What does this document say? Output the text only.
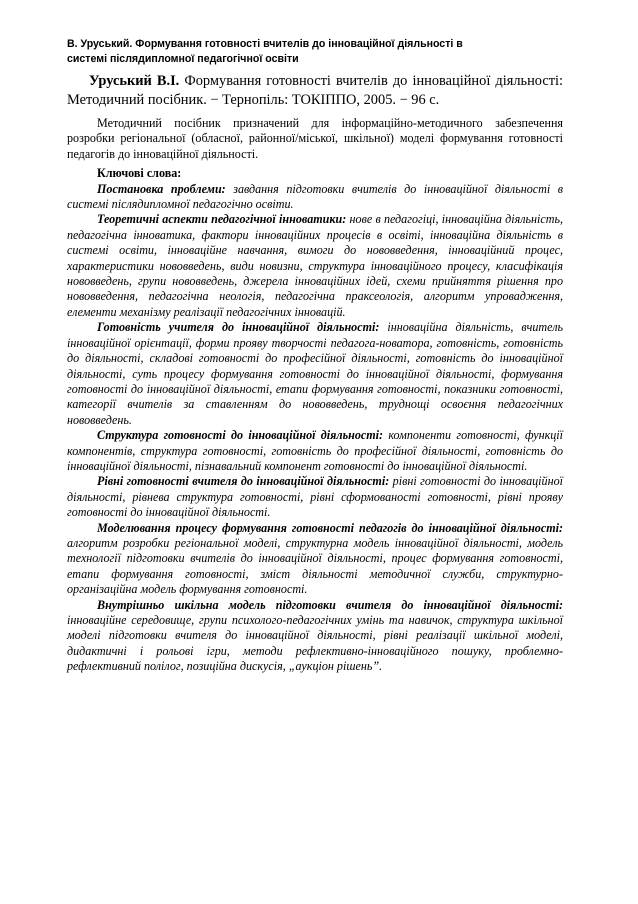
В. Уруський. Формування готовності вчителів до інноваційної діяльності в
системі післядипломної педагогічної освіти

Уруський В.І. Формування готовності вчителів до інноваційної діяльності: Методичний посібник. − Тернопіль: ТОКІППО, 2005. − 96 с.

Методичний посібник призначений для інформаційно-методичного забезпечення розробки регіональної (обласної, районної/міської, шкільної) моделі формування готовності педагогів до інноваційної діяльності.

Ключові слова:

Постановка проблеми: завдання підготовки вчителів до інноваційної діяльності в системі післядипломної педагогічно освіти.

Теоретичні аспекти педагогічної інноватики: нове в педагогіці, інноваційна діяльність, педагогічна інноватика, фактори інноваційних процесів в освіті, інноваційна діяльність в системі освіти, інноваційне навчання, вимоги до нововведення, інноваційний процес, характеристики нововведень, види новизни, структура інноваційного процесу, класифікація нововведень, групи нововведень, джерела інноваційних ідей, схеми прийняття рішення про нововведення, педагогічна неологія, педагогічна праксеологія, алгоритм упровадження, елементи механізму реалізації педагогічних інновацій.

Готовність учителя до інноваційної діяльності: інноваційна діяльність, вчитель інноваційної орієнтації, форми прояву творчості педагога-новатора, готовність, готовність до діяльності, складові готовності до професійної діяльності, готовність до інноваційної діяльності, суть процесу формування готовності до інноваційної діяльності, формування готовності до інноваційної діяльності, етапи формування готовності, показники готовності, категорії вчителів за ставленням до нововведень, труднощі освоєння педагогічних нововведень.

Структура готовності до інноваційної діяльності: компоненти готовності, функції компонентів, структура готовності, готовність до професійної діяльності, готовність до інноваційної діяльності, пізнавальний компонент готовності до інноваційної діяльності.

Рівні готовності вчителя до інноваційної діяльності: рівні готовності до інноваційної діяльності, рівнева структура готовності, рівні сформованості готовності, рівні прояву готовності до інноваційної діяльності.

Моделювання процесу формування готовності педагогів до інноваційної діяльності: алгоритм розробки регіональної моделі, структурна модель інноваційної діяльності, модель технології підготовки вчителів до інноваційної діяльності, процес формування готовності, етапи формування готовності, зміст діяльності методичної служби, структурно-організаційна модель формування готовності.

Внутрішньо шкільна модель підготовки вчителя до інноваційної діяльності: інноваційне середовище, групи психолого-педагогічних умінь та навичок, структура шкільної моделі підготовки вчителя до інноваційної діяльності, рівні реалізації шкільної моделі, дидактичні і рольові ігри, методи рефлективно-інноваційного пошуку, проблемно-рефлективний полілог, позиційна дискусія, „аукціон рішень”.
